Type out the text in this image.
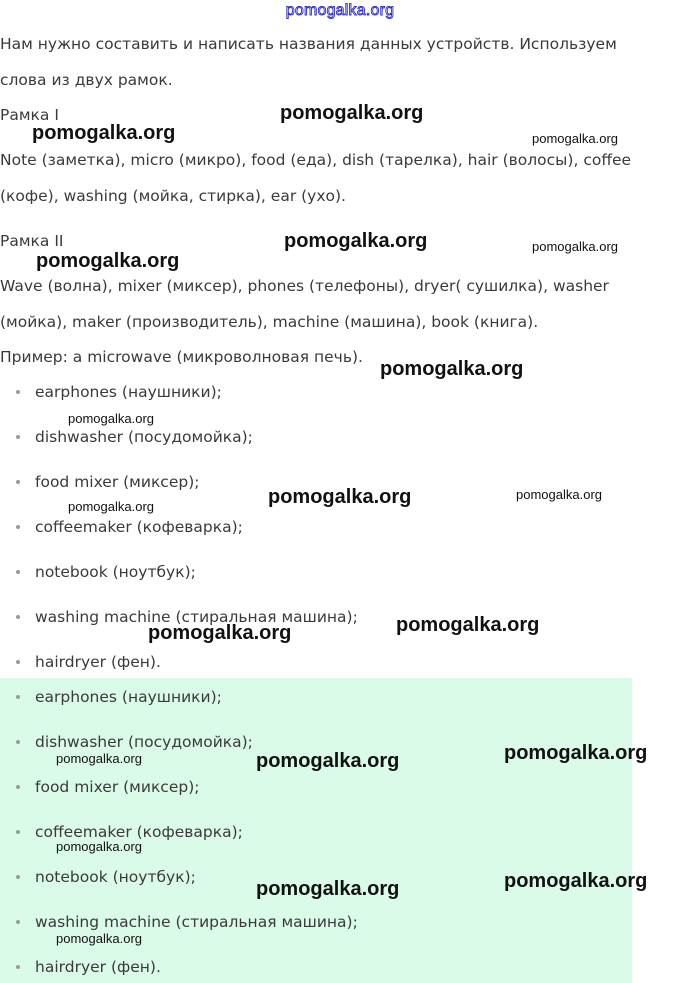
pomogalka.org
Нам нужно составить и написать названия данных устройств. Используем
слова из двух рамок.
Рамка I
Note (заметка), micro (микро), food (еда), dish (тарелка), hair (волосы), coffee
(кофе), washing (мойка, стирка), ear (ухо).
Рамка II
Wave (волна), mixer (миксер), phones (телефоны), dryer( сушилка), washer
(мойка), maker (производитель), machine (машина), book (книга).
Пример: a microwave (микроволновая печь).
earphones (наушники);
dishwasher (посудомойка);
food mixer (миксер);
coffeemaker (кофеварка);
notebook (ноутбук);
washing machine (стиральная машина);
hairdryer (фен).
earphones (наушники);
dishwasher (посудомойка);
food mixer (миксер);
coffeemaker (кофеварка);
notebook (ноутбук);
washing machine (стиральная машина);
hairdryer (фен).
pomogalka.org
pomogalka.org	pomogalka.org
pomogalka.org	pomogalka.org
pomogalka.org
pomogalka.org
pomogalka.org
pomogalka.org	pomogalka.org
pomogalka.org
pomogalka.org
pomogalka.org
pomogalka.org
pomogalka.org	pomogalka.org
pomogalka.org
pomogalka.org
pomogalka.org
pomogalka.org
